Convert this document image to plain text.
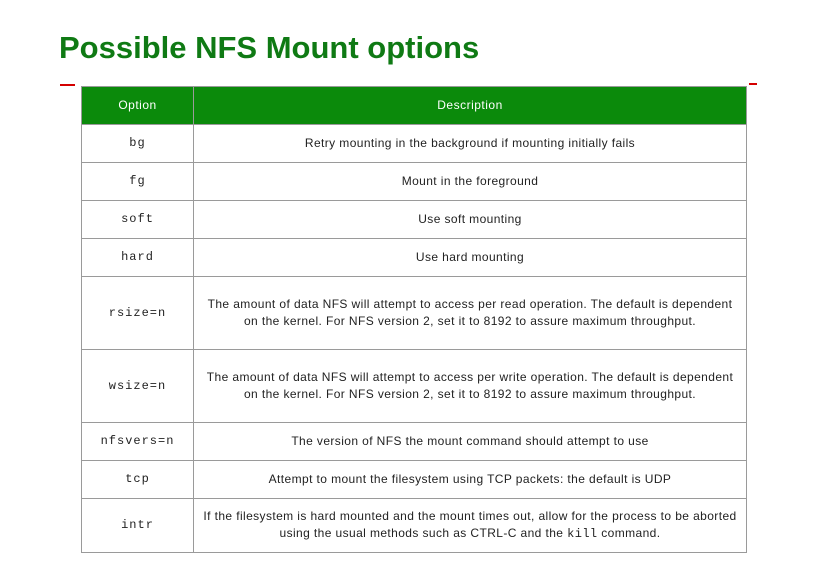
Possible NFS Mount options
Option	Description
bg	Retry mounting in the background if mounting initially fails
fg	Mount in the foreground
soft	Use soft mounting
hard	Use hard mounting
rsize=n	The amount of data NFS will attempt to access per read operation. The default is dependent on the kernel. For NFS version 2, set it to 8192 to assure maximum throughput.
wsize=n	The amount of data NFS will attempt to access per write operation. The default is dependent on the kernel. For NFS version 2, set it to 8192 to assure maximum throughput.
nfsvers=n	The version of NFS the mount command should attempt to use
tcp	Attempt to mount the filesystem using TCP packets: the default is UDP
intr	If the filesystem is hard mounted and the mount times out, allow for the process to be aborted using the usual methods such as CTRL-C and the kill command.
